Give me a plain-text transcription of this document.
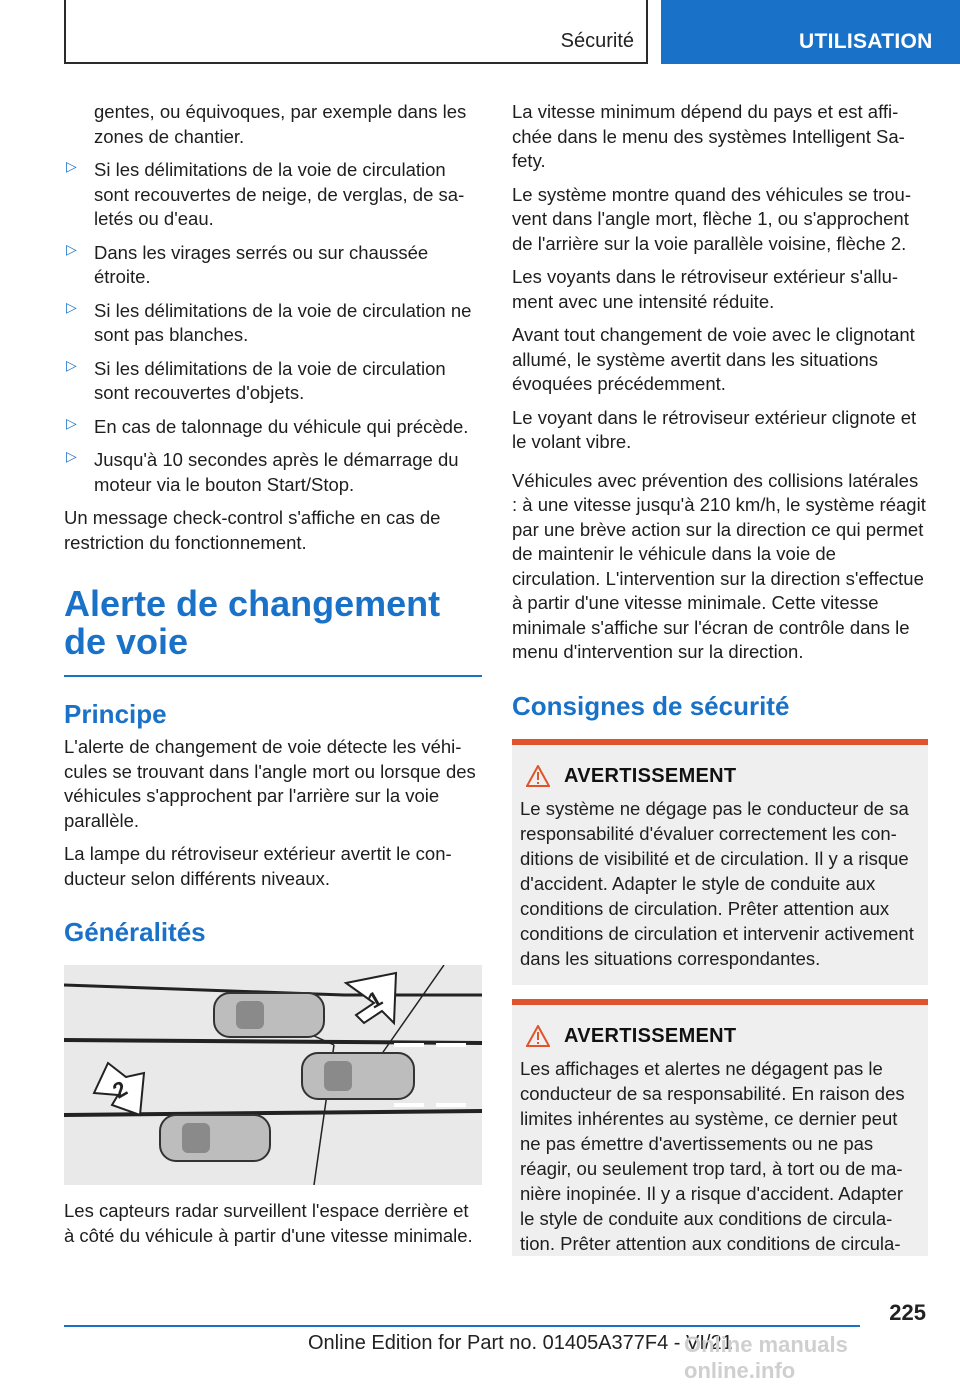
Sécurité	UTILISATION

gentes, ou équivoques, par exemple dans les zones de chantier.

▷ Si les délimitations de la voie de circulation sont recouvertes de neige, de verglas, de saletés ou d'eau.

▷ Dans les virages serrés ou sur chaussée étroite.

▷ Si les délimitations de la voie de circulation ne sont pas blanches.

▷ Si les délimitations de la voie de circulation sont recouvertes d'objets.

▷ En cas de talonnage du véhicule qui précède.

▷ Jusqu'à 10 secondes après le démarrage du moteur via le bouton Start/Stop.

Un message check-control s'affiche en cas de restriction du fonctionnement.

Alerte de changement de voie
Principe

L'alerte de changement de voie détecte les véhicules se trouvant dans l'angle mort ou lorsque des véhicules s'approchent par l'arrière sur la voie parallèle.

La lampe du rétroviseur extérieur avertit le conducteur selon différents niveaux.

Généralités
1
2

Les capteurs radar surveillent l'espace derrière et à côté du véhicule à partir d'une vitesse minimale.

La vitesse minimum dépend du pays et est affichée dans le menu des systèmes Intelligent Safety.

Le système montre quand des véhicules se trouvent dans l'angle mort, flèche 1, ou s'approchent de l'arrière sur la voie parallèle voisine, flèche 2.

Les voyants dans le rétroviseur extérieur s'allument avec une intensité réduite.

Avant tout changement de voie avec le clignotant allumé, le système avertit dans les situations évoquées précédemment.

Le voyant dans le rétroviseur extérieur clignote et le volant vibre.

Véhicules avec prévention des collisions latérales : à une vitesse jusqu'à 210 km/h, le système réagit par une brève action sur la direction ce qui permet de maintenir le véhicule dans la voie de circulation. L'intervention sur la direction s'effectue à partir d'une vitesse minimale. Cette vitesse minimale s'affiche sur l'écran de contrôle dans le menu d'intervention sur la direction.

Consignes de sécurité
AVERTISSEMENT

Le système ne dégage pas le conducteur de sa responsabilité d'évaluer correctement les conditions de visibilité et de circulation. Il y a risque d'accident. Adapter le style de conduite aux conditions de circulation. Prêter attention aux conditions de circulation et intervenir activement dans les situations correspondantes.

AVERTISSEMENT

Les affichages et alertes ne dégagent pas le conducteur de sa responsabilité. En raison des limites inhérentes au système, ce dernier peut ne pas émettre d'avertissements ou ne pas réagir, ou seulement trop tard, à tort ou de manière inopinée. Il y a risque d'accident. Adapter le style de conduite aux conditions de circulation. Prêter attention aux conditions de circula-

225
Online Edition for Part no. 01405A377F4 - VI/21
Online manuals online.info
